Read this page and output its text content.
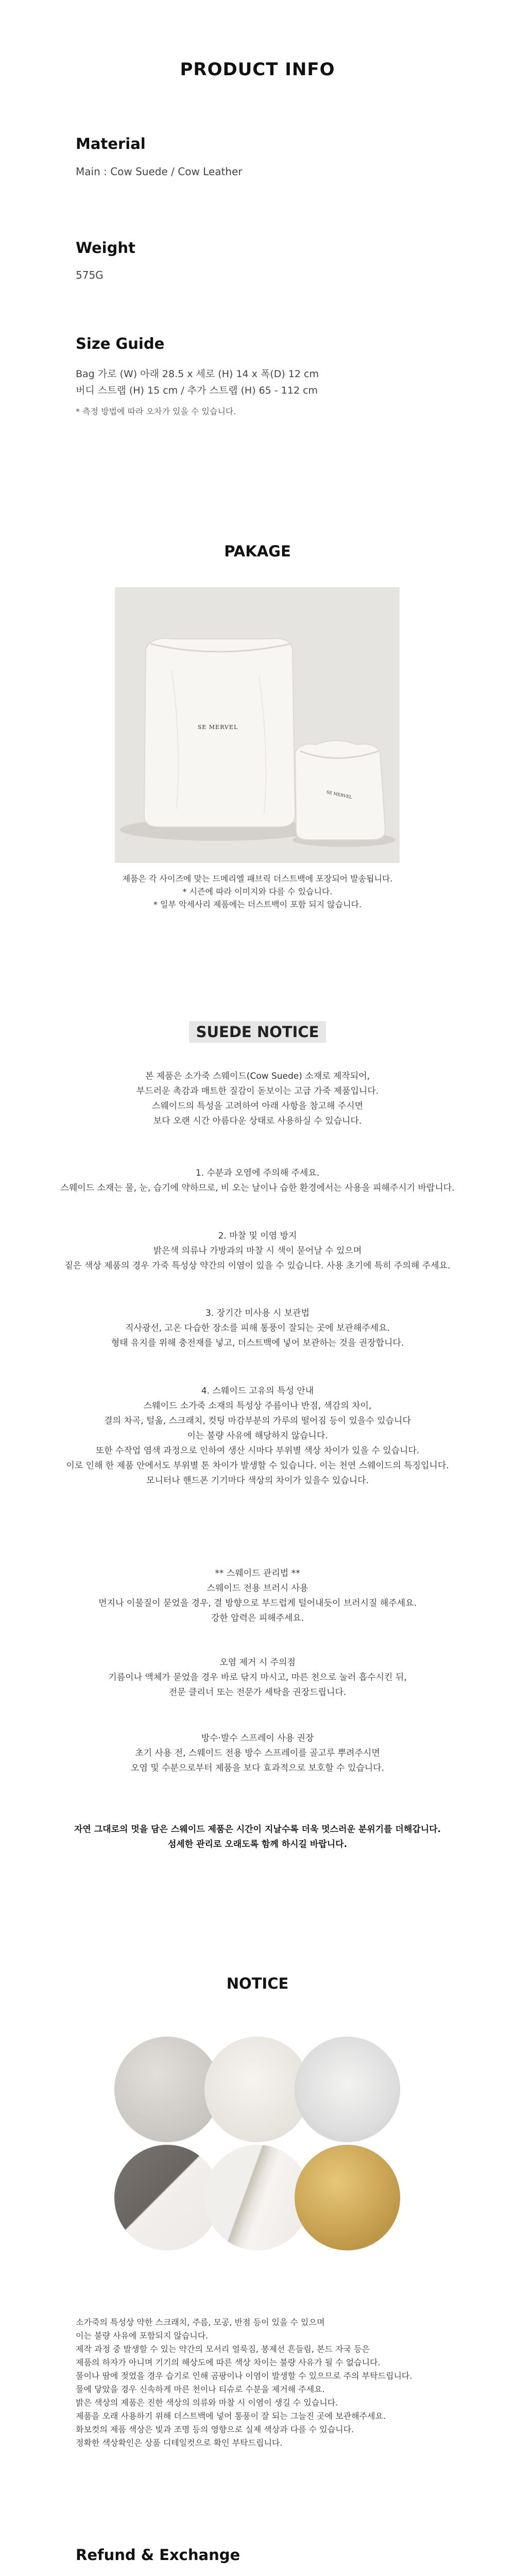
PRODUCT INFO
Material
Main : Cow Suede / Cow Leather
Weight
575G
Size Guide
Bag 가로 (W) 아래 28.5 x 세로 (H) 14 x 폭(D) 12 cm
버디 스트랩 (H) 15 cm / 추가 스트랩 (H) 65 - 112 cm
* 측정 방법에 따라 오차가 있을 수 있습니다.
PAKAGE
SE MERVEL
SE MERVEL

제품은 각 사이즈에 맞는 드메리엘 패브릭 더스트백에 포장되어 발송됩니다.

* 시즌에 따라 이미지와 다를 수 있습니다.

* 일부 악세사리 제품에는 더스트백이 포함 되지 않습니다.

SUEDE NOTICE

본 제품은 소가죽 스웨이드(Cow Suede) 소재로 제작되어,

부드러운 촉감과 매트한 질감이 돋보이는 고급 가죽 제품입니다.

스웨이드의 특성을 고려하여 아래 사항을 참고해 주시면

보다 오랜 시간 아름다운 상태로 사용하실 수 있습니다.

1. 수분과 오염에 주의해 주세요.

스웨이드 소재는 물, 눈, 습기에 약하므로, 비 오는 날이나 습한 환경에서는 사용을 피해주시기 바랍니다.

2. 마찰 및 이염 방지

밝은색 의류나 가방과의 마찰 시 색이 묻어날 수 있으며

짙은 색상 제품의 경우 가죽 특성상 약간의 이염이 있을 수 있습니다. 사용 초기에 특히 주의해 주세요.

3. 장기간 미사용 시 보관법

직사광선, 고온 다습한 장소를 피해 통풍이 잘되는 곳에 보관해주세요.

형태 유지를 위해 충전재를 넣고, 더스트백에 넣어 보관하는 것을 권장합니다.

4. 스웨이드 고유의 특성 안내

스웨이드 소가죽 소재의 특성상 주름이나 반점, 색감의 차이,

결의 차곡, 털옮, 스크래치, 컷팅 마감부분의 가루의 떨어짐 등이 있을수 있습니다

이는 불량 사유에 해당하지 않습니다.

또한 수작업 염색 과정으로 인하여 생산 시마다 부위별 색상 차이가 있을 수 있습니다.

이로 인해 한 제품 안에서도 부위별 톤 차이가 발생할 수 있습니다. 이는 천연 스웨이드의 특징입니다.

모니터나 핸드폰 기기마다 색상의 차이가 있을수 있습니다.

** 스웨이드 관리법 **

스웨이드 전용 브러시 사용

먼지나 이물질이 묻었을 경우, 결 방향으로 부드럽게 털어내듯이 브러시질 해주세요.

강한 압력은 피해주세요.

오염 제거 시 주의점

기름이나 액체가 묻었을 경우 바로 닦지 마시고, 마른 천으로 눌러 흡수시킨 뒤,

전문 클리너 또는 전문가 세탁을 권장드립니다.

방수·발수 스프레이 사용 권장

초기 사용 전, 스웨이드 전용 방수 스프레이를 골고루 뿌려주시면

오염 및 수분으로부터 제품을 보다 효과적으로 보호할 수 있습니다.

자연 그대로의 멋을 담은 스웨이드 제품은 시간이 지날수록 더욱 멋스러운 분위기를 더해갑니다.

섬세한 관리로 오래도록 함께 하시길 바랍니다.

NOTICE

소가죽의 특성상 약한 스크래치, 주름, 모공, 반점 등이 있을 수 있으며

이는 불량 사유에 포함되지 않습니다.

제작 과정 중 발생할 수 있는 약간의 모서리 얼룩짐, 봉제선 흔들림, 본드 자국 등은

제품의 하자가 아니며 기기의 해상도에 따른 색상 차이는 불량 사유가 될 수 없습니다.

물이나 땀에 젖었을 경우 습기로 인해 곰팡이나 이염이 발생할 수 있으므로 주의 부탁드립니다.

물에 닿았을 경우 신속하게 마른 천이나 티슈로 수분을 제거해 주세요.

밝은 색상의 제품은 진한 색상의 의류와 마찰 시 이염이 생길 수 있습니다.

제품을 오래 사용하기 위해 더스트백에 넣어 통풍이 잘 되는 그늘진 곳에 보관해주세요.

화보컷의 제품 색상은 빛과 조명 등의 영향으로 실제 색상과 다를 수 있습니다.

정확한 색상확인은 상품 디테일컷으로 확인 부탁드립니다.

Refund & Exchange
